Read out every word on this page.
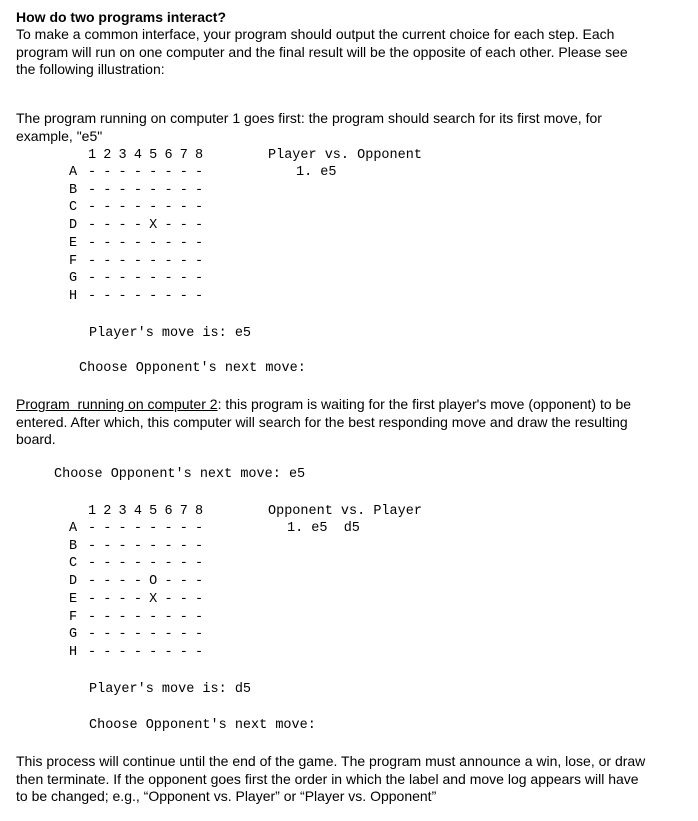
How do two programs interact?
To make a common interface, your program should output the current choice for each step. Each
program will run on one computer and the final result will be the opposite of each other. Please see
the following illustration:
The program running on computer 1 goes first: the program should search for its first move, for
example, "e5"
1 2 3 4 5 6 7 8
A - - - - - - - -
B - - - - - - - -
C - - - - - - - -
D - - - - X - - -
E - - - - - - - -
F - - - - - - - -
G - - - - - - - -
H - - - - - - - -
Player vs. Opponent
1. e5
Player's move is: e5
Choose Opponent's next move:
Program  running on computer 2: this program is waiting for the first player's move (opponent) to be
entered. After which, this computer will search for the best responding move and draw the resulting
board.
Choose Opponent's next move: e5
1 2 3 4 5 6 7 8
A - - - - - - - -
B - - - - - - - -
C - - - - - - - -
D - - - - O - - -
E - - - - X - - -
F - - - - - - - -
G - - - - - - - -
H - - - - - - - -
Opponent vs. Player
1. e5  d5
Player's move is: d5
Choose Opponent's next move:
This process will continue until the end of the game. The program must announce a win, lose, or draw
then terminate. If the opponent goes first the order in which the label and move log appears will have
to be changed; e.g., “Opponent vs. Player” or “Player vs. Opponent”
